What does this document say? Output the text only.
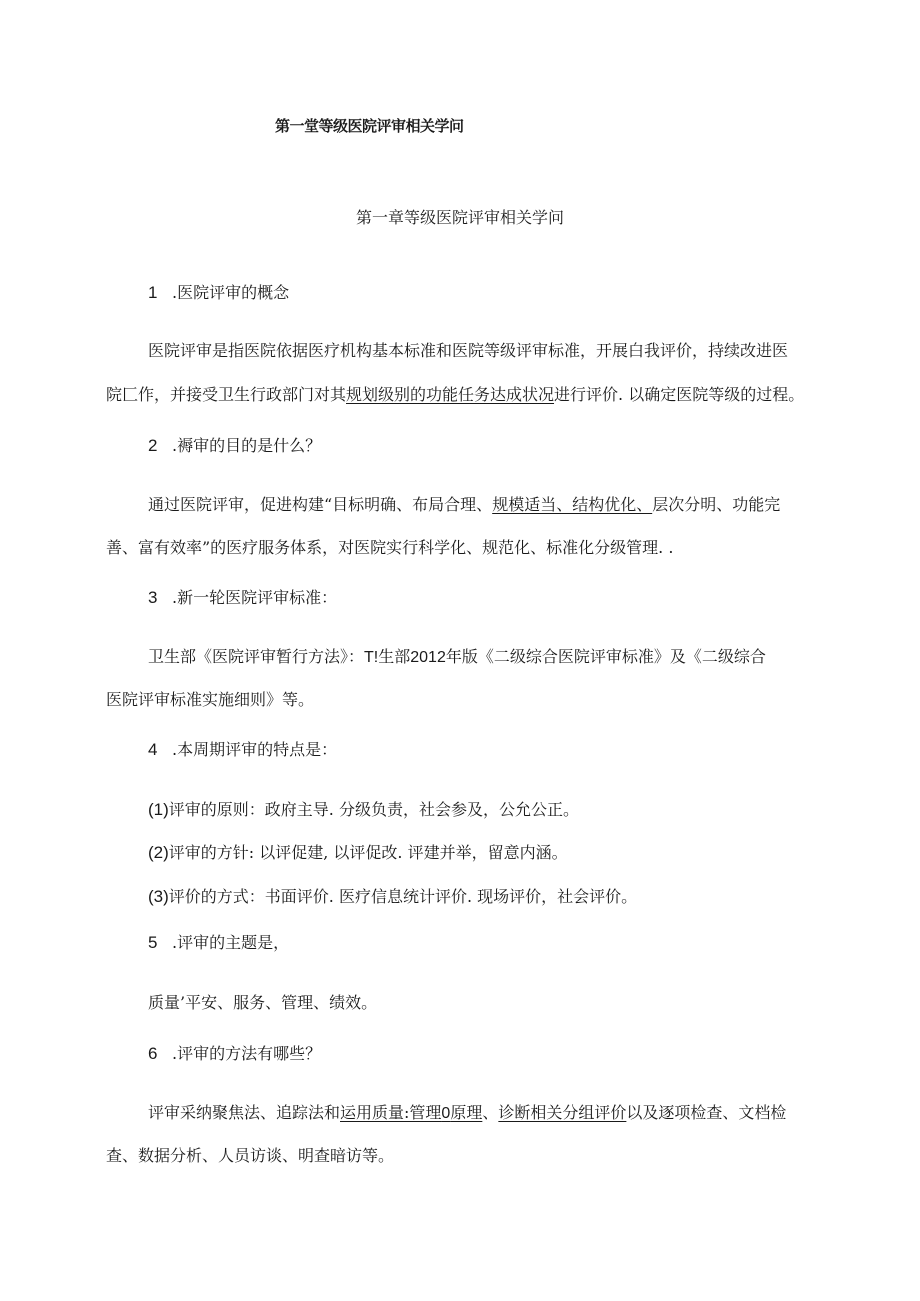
第一堂等级医院评审相关学问
第一章等级医院评审相关学问
1 .医院评审的概念
医院评审是指医院依据医疗机构基本标准和医院等级评审标准，开展白我评价，持续改进医
院匚作，并接受卫生行政部门对其规划级别的功能任务达成状况进行评价. 以确定医院等级的过程。
2 .褥审的目的是什么？
通过医院评审，促进构建“目标明确、布局合理、规模适当、结构优化、层次分明、功能完
善、富有效率”的医疗服务体系，对医院实行科学化、规范化、标准化分级管理. .
3 .新一轮医院评审标准：
卫生部《医院评审暂行方法》：T!生部2012年版《二级综合医院评审标准》及《二级综合
医院评审标准实施细则》等。
4 .本周期评审的特点是：
(1)评审的原则：政府主导. 分级负责，社会参及，公允公正。
(2)评审的方针: 以评促建, 以评促改. 评建并举，留意内涵。
(3)评价的方式：书面评价. 医疗信息统计评价. 现场评价，社会评价。
5 .评审的主题是，
质量’平安、服务、管理、绩效。
6 .评审的方法有哪些？
评审采纳聚焦法、追踪法和运用质量:管理0原理、诊断相关分组评价以及逐项检查、文档检
查、数据分析、人员访谈、明查暗访等。
